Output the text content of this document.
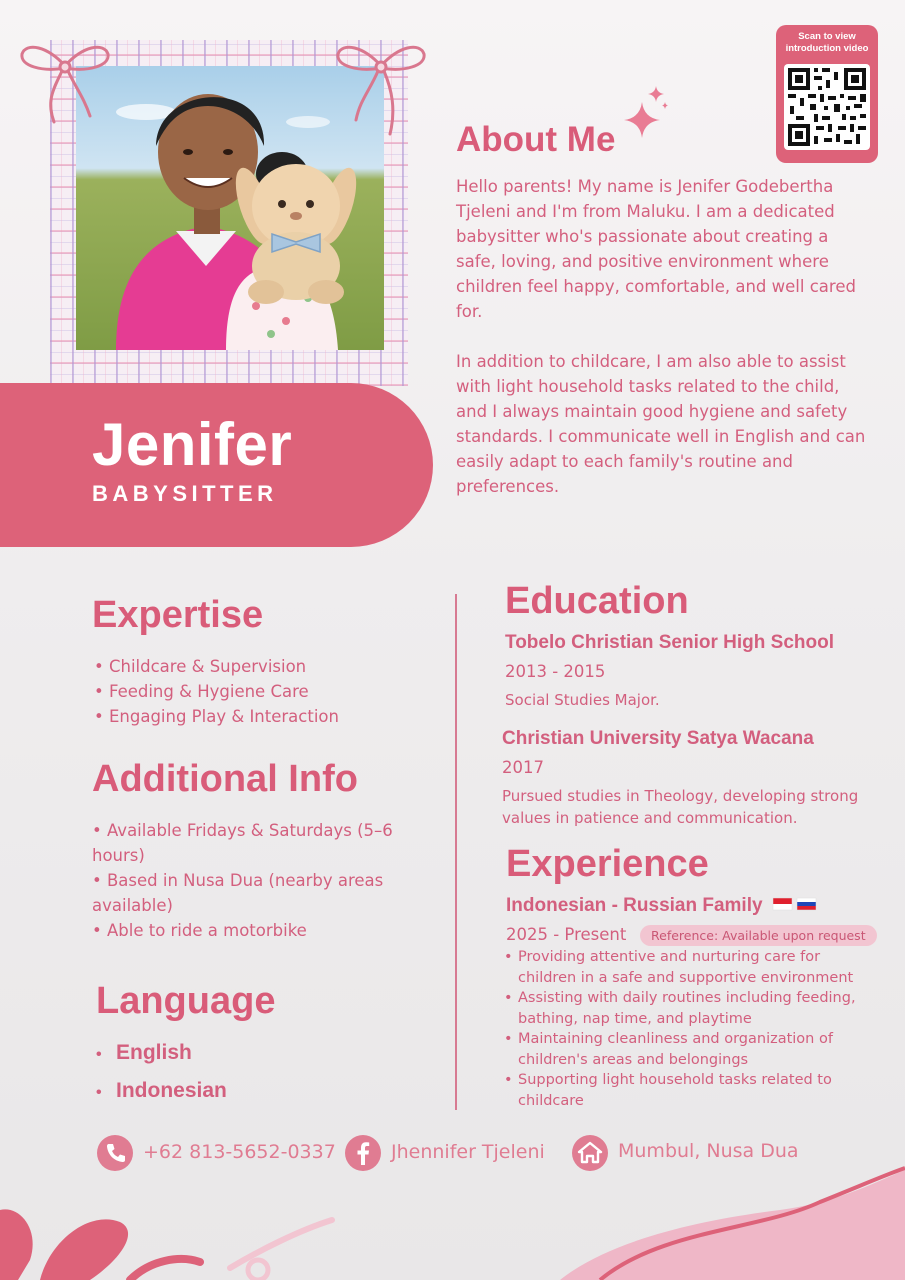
Jenifer
BABYSITTER
Scan to view introduction video
About Me

Hello parents! My name is Jenifer Godebertha Tjeleni and I'm from Maluku. I am a dedicated babysitter who's passionate about creating a safe, loving, and positive environment where children feel happy, comfortable, and well cared for.

In addition to childcare, I am also able to assist with light household tasks related to the child, and I always maintain good hygiene and safety standards. I communicate well in English and can easily adapt to each family's routine and preferences.

Expertise
• Childcare & Supervision
• Feeding & Hygiene Care
• Engaging Play & Interaction
Additional Info
• Available Fridays & Saturdays (5–6 hours)
• Based in Nusa Dua (nearby areas available)
• Able to ride a motorbike
Language
• English
• Indonesian
Education
Tobelo Christian Senior High School
2013 - 2015
Social Studies Major.
Christian University Satya Wacana
2017
Pursued studies in Theology, developing strong values in patience and communication.
Experience
Indonesian - Russian Family
2025 - Present	Reference: Available upon request
• Providing attentive and nurturing care for children in a safe and supportive environment
• Assisting with daily routines including feeding, bathing, nap time, and playtime
• Maintaining cleanliness and organization of children's areas and belongings
• Supporting light household tasks related to childcare
+62 813-5652-0337	Jhennifer Tjeleni	Mumbul, Nusa Dua
